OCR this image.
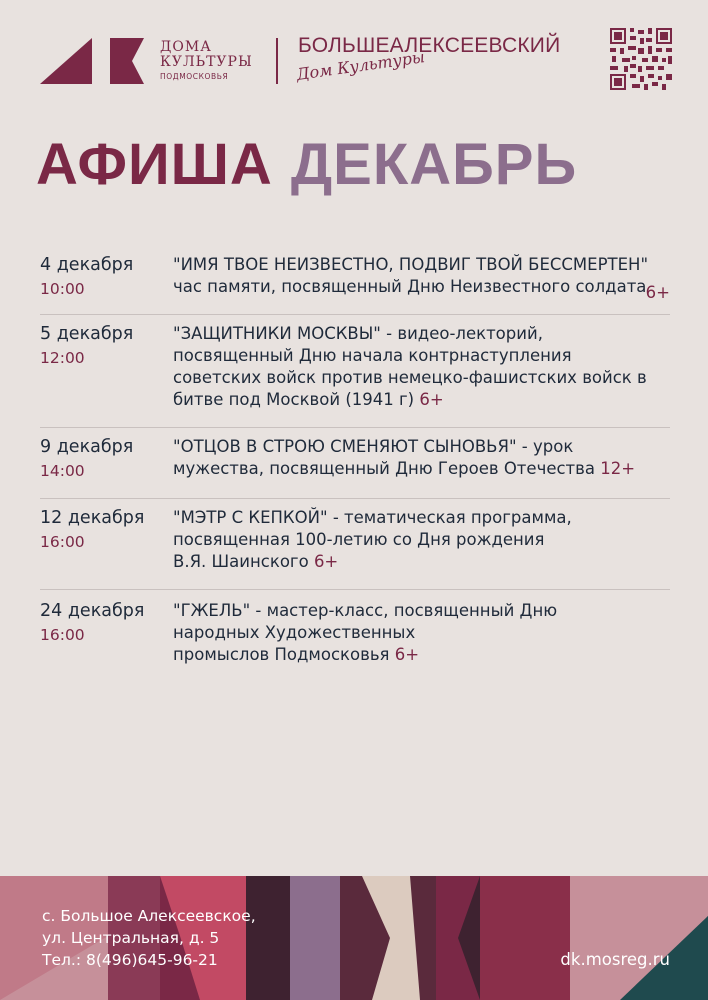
ДОМА
КУЛЬТУРЫ
ПОДМОСКОВЬЯ
БОЛЬШЕАЛЕКСЕЕВСКИЙ
Дом Культуры
АФИША ДЕКАБРЬ
4 декабря
10:00
"ИМЯ ТВОЕ НЕИЗВЕСТНО, ПОДВИГ ТВОЙ БЕССМЕРТЕН"
час памяти, посвященный Дню Неизвестного солдата 6+
5 декабря
12:00
"ЗАЩИТНИКИ МОСКВЫ" - видео-лекторий,
посвященный Дню начала контрнаступления
советских войск против немецко-фашистских войск в
битве под Москвой (1941 г) 6+
9 декабря
14:00
"ОТЦОВ В СТРОЮ СМЕНЯЮТ СЫНОВЬЯ" - урок
мужества, посвященный Дню Героев Отечества 12+
12 декабря
16:00
"МЭТР С КЕПКОЙ" - тематическая программа,
посвященная 100-летию со Дня рождения
В.Я. Шаинского 6+
24 декабря
16:00
"ГЖЕЛЬ" - мастер-класс, посвященный Дню
народных Художественных
промыслов Подмосковья 6+
с. Большое Алексеевское,
ул. Центральная, д. 5
Тел.: 8(496)645-96-21	dk.mosreg.ru
